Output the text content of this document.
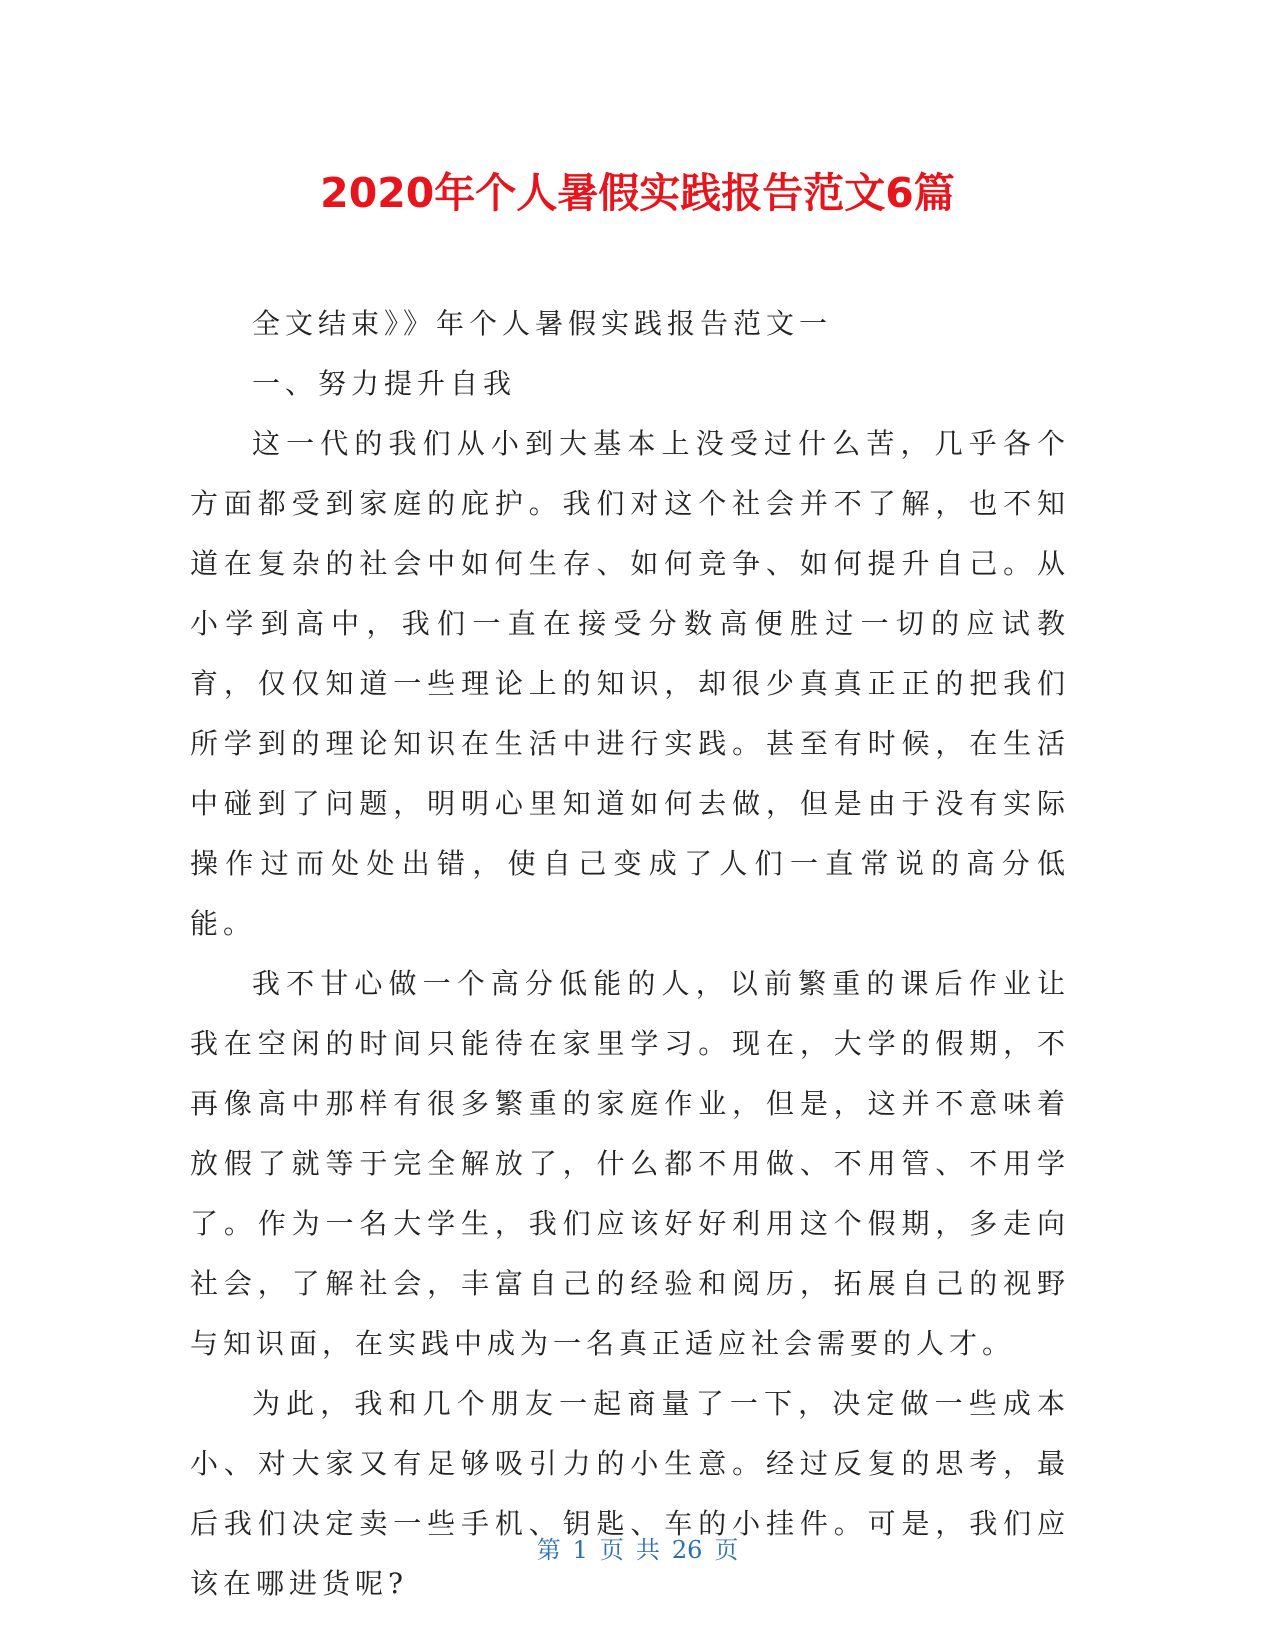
2020年个人暑假实践报告范文6篇

全文结束》》年个人暑假实践报告范文一

一、努力提升自我

这一代的我们从小到大基本上没受过什么苦，几乎各个方面都受到家庭的庇护。我们对这个社会并不了解，也不知道在复杂的社会中如何生存、如何竞争、如何提升自己。从小学到高中，我们一直在接受分数高便胜过一切的应试教育，仅仅知道一些理论上的知识，却很少真真正正的把我们所学到的理论知识在生活中进行实践。甚至有时候，在生活中碰到了问题，明明心里知道如何去做，但是由于没有实际操作过而处处出错，使自己变成了人们一直常说的高分低能。

我不甘心做一个高分低能的人，以前繁重的课后作业让我在空闲的时间只能待在家里学习。现在，大学的假期，不再像高中那样有很多繁重的家庭作业，但是，这并不意味着放假了就等于完全解放了，什么都不用做、不用管、不用学了。作为一名大学生，我们应该好好利用这个假期，多走向社会，了解社会，丰富自己的经验和阅历，拓展自己的视野与知识面，在实践中成为一名真正适应社会需要的人才。

为此，我和几个朋友一起商量了一下，决定做一些成本小、对大家又有足够吸引力的小生意。经过反复的思考，最后我们决定卖一些手机、钥匙、车的小挂件。可是，我们应该在哪进货呢?

第 1 页 共 26 页
